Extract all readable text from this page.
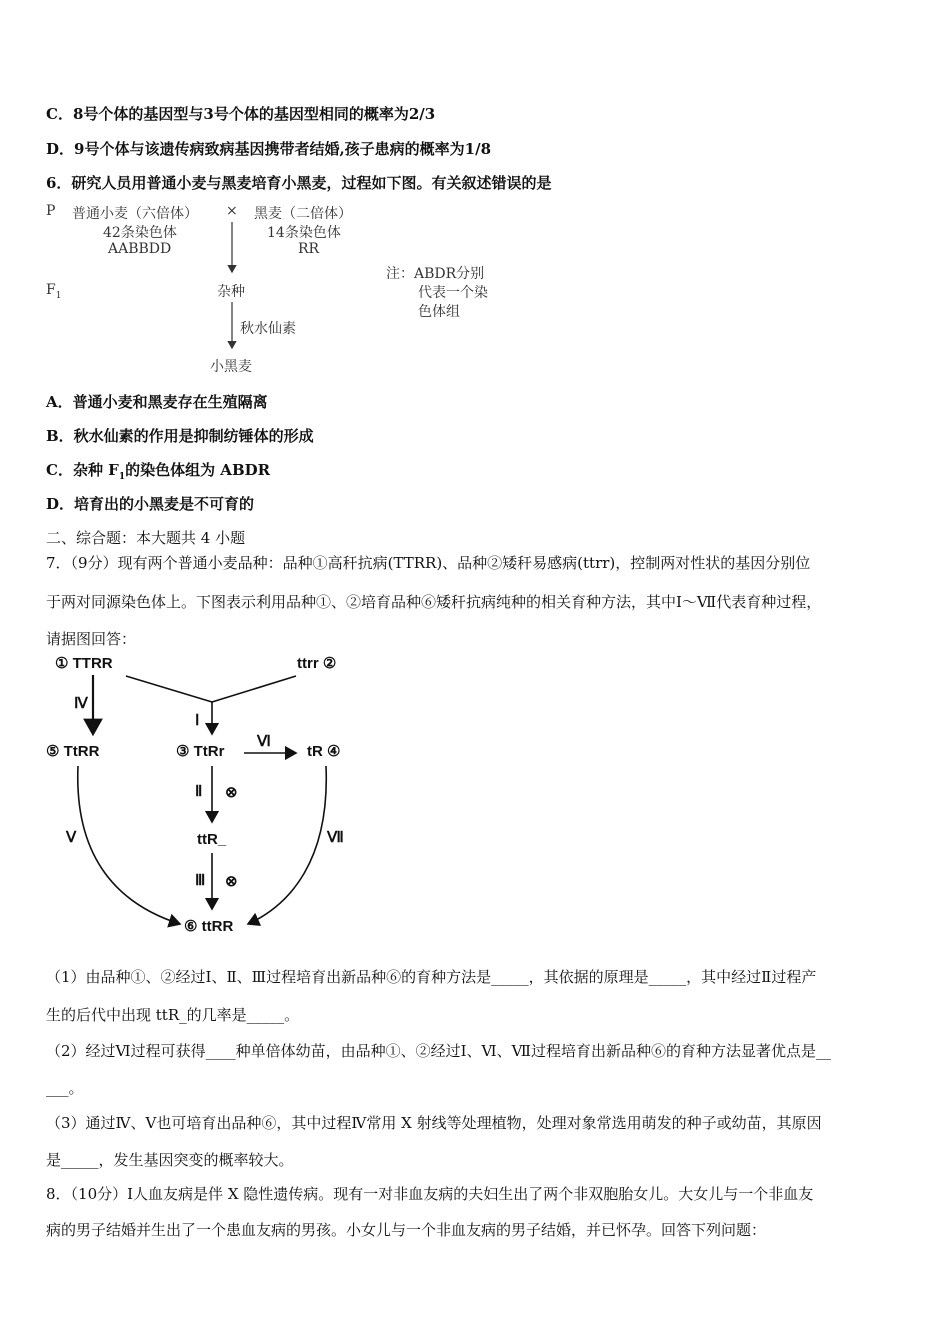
C．8号个体的基因型与3号个体的基因型相同的概率为2/3
D．9号个体与该遗传病致病基因携带者结婚,孩子患病的概率为1/8
6．研究人员用普通小麦与黑麦培育小黑麦，过程如下图。有关叙述错误的是
P 普通小麦（六倍体） × 黑麦（二倍体）
42条染色体
AABBDD
14条染色体
RR
$F_1$	杂种
秋水仙素
小黑麦
注：ABDR分别
代表一个染
色体组
A．普通小麦和黑麦存在生殖隔离
B．秋水仙素的作用是抑制纺锤体的形成
C．杂种 $F_1$的染色体组为 ABDR
D．培育出的小黑麦是不可育的
二、综合题：本大题共 4 小题
7．（9分）现有两个普通小麦品种：品种①高秆抗病(TTRR)、品种②矮秆易感病(ttrr)，控制两对性状的基因分别位
于两对同源染色体上。下图表示利用品种①、②培育品种⑥矮秆抗病纯种的相关育种方法，其中Ⅰ～Ⅶ代表育种过程，
请据图回答：
① TTRR	ttrr ②
⑤ TtRR	③ TtRr	tR ④
ttR_
⑥ ttRR
Ⅳ
Ⅰ
Ⅵ
Ⅱ ⊗
Ⅲ ⊗
Ⅴ	Ⅶ
（1）由品种①、②经过Ⅰ、Ⅱ、Ⅲ过程培育出新品种⑥的育种方法是_____，其依据的原理是_____，其中经过Ⅱ过程产
生的后代中出现 ttR_的几率是_____。
（2）经过Ⅵ过程可获得____种单倍体幼苗，由品种①、②经过Ⅰ、Ⅵ、Ⅶ过程培育出新品种⑥的育种方法显著优点是__
___。
（3）通过Ⅳ、Ⅴ也可培育出品种⑥，其中过程Ⅳ常用 X 射线等处理植物，处理对象常选用萌发的种子或幼苗，其原因
是_____，发生基因突变的概率较大。
8．（10分）Ⅰ人血友病是伴 X 隐性遗传病。现有一对非血友病的夫妇生出了两个非双胞胎女儿。大女儿与一个非血友
病的男子结婚并生出了一个患血友病的男孩。小女儿与一个非血友病的男子结婚，并已怀孕。回答下列问题：
